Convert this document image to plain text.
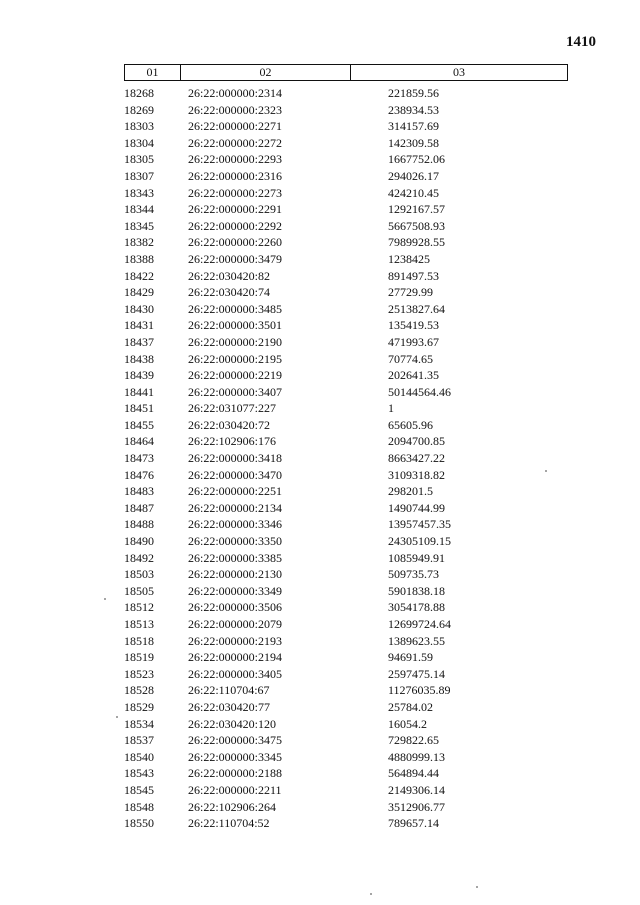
1410
01	02	03
18268	26:22:000000:2314	221859.56
18269	26:22:000000:2323	238934.53
18303	26:22:000000:2271	314157.69
18304	26:22:000000:2272	142309.58
18305	26:22:000000:2293	1667752.06
18307	26:22:000000:2316	294026.17
18343	26:22:000000:2273	424210.45
18344	26:22:000000:2291	1292167.57
18345	26:22:000000:2292	5667508.93
18382	26:22:000000:2260	7989928.55
18388	26:22:000000:3479	1238425
18422	26:22:030420:82	891497.53
18429	26:22:030420:74	27729.99
18430	26:22:000000:3485	2513827.64
18431	26:22:000000:3501	135419.53
18437	26:22:000000:2190	471993.67
18438	26:22:000000:2195	70774.65
18439	26:22:000000:2219	202641.35
18441	26:22:000000:3407	50144564.46
18451	26:22:031077:227	1
18455	26:22:030420:72	65605.96
18464	26:22:102906:176	2094700.85
18473	26:22:000000:3418	8663427.22
18476	26:22:000000:3470	3109318.82
18483	26:22:000000:2251	298201.5
18487	26:22:000000:2134	1490744.99
18488	26:22:000000:3346	13957457.35
18490	26:22:000000:3350	24305109.15
18492	26:22:000000:3385	1085949.91
18503	26:22:000000:2130	509735.73
18505	26:22:000000:3349	5901838.18
18512	26:22:000000:3506	3054178.88
18513	26:22:000000:2079	12699724.64
18518	26:22:000000:2193	1389623.55
18519	26:22:000000:2194	94691.59
18523	26:22:000000:3405	2597475.14
18528	26:22:110704:67	11276035.89
18529	26:22:030420:77	25784.02
18534	26:22:030420:120	16054.2
18537	26:22:000000:3475	729822.65
18540	26:22:000000:3345	4880999.13
18543	26:22:000000:2188	564894.44
18545	26:22:000000:2211	2149306.14
18548	26:22:102906:264	3512906.77
18550	26:22:110704:52	789657.14
